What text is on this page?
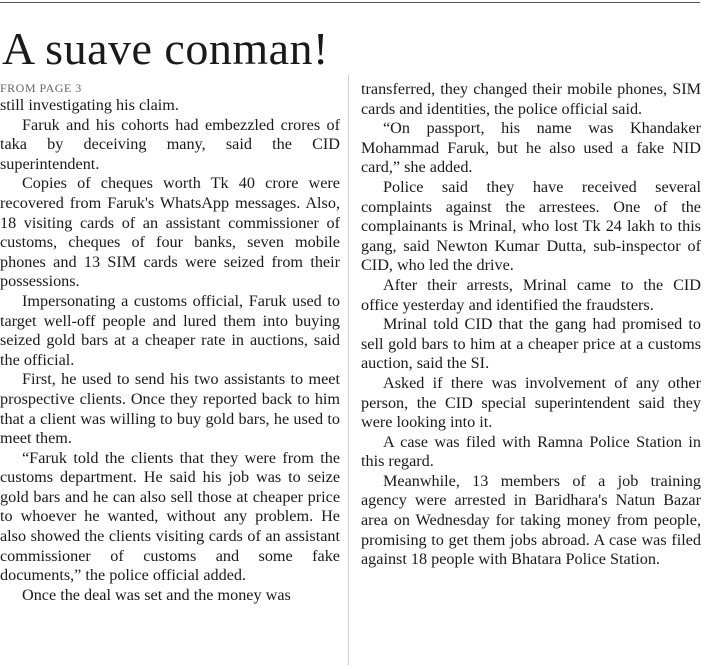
A suave conman!
FROM PAGE 3

still investigating his claim.

Faruk and his cohorts had embezzled crores of taka by deceiving many, said the CID superintendent.

Copies of cheques worth Tk 40 crore were recovered from Faruk's WhatsApp messages. Also, 18 visiting cards of an assistant commissioner of customs, cheques of four banks, seven mobile phones and 13 SIM cards were seized from their possessions.

Impersonating a customs official, Faruk used to target well-off people and lured them into buying seized gold bars at a cheaper rate in auctions, said the official.

First, he used to send his two assistants to meet prospective clients. Once they reported back to him that a client was willing to buy gold bars, he used to meet them.

“Faruk told the clients that they were from the customs department. He said his job was to seize gold bars and he can also sell those at cheaper price to whoever he wanted, without any problem. He also showed the clients visiting cards of an assistant commissioner of customs and some fake documents,” the police official added.

Once the deal was set and the money was

transferred, they changed their mobile phones, SIM cards and identities, the police official said.

“On passport, his name was Khandaker Mohammad Faruk, but he also used a fake NID card,” she added.

Police said they have received several complaints against the arrestees. One of the complainants is Mrinal, who lost Tk 24 lakh to this gang, said Newton Kumar Dutta, sub-inspector of CID, who led the drive.

After their arrests, Mrinal came to the CID office yesterday and identified the fraudsters.

Mrinal told CID that the gang had promised to sell gold bars to him at a cheaper price at a customs auction, said the SI.

Asked if there was involvement of any other person, the CID special superintendent said they were looking into it.

A case was filed with Ramna Police Station in this regard.

Meanwhile, 13 members of a job training agency were arrested in Baridhara's Natun Bazar area on Wednesday for taking money from people, promising to get them jobs abroad. A case was filed against 18 people with Bhatara Police Station.
